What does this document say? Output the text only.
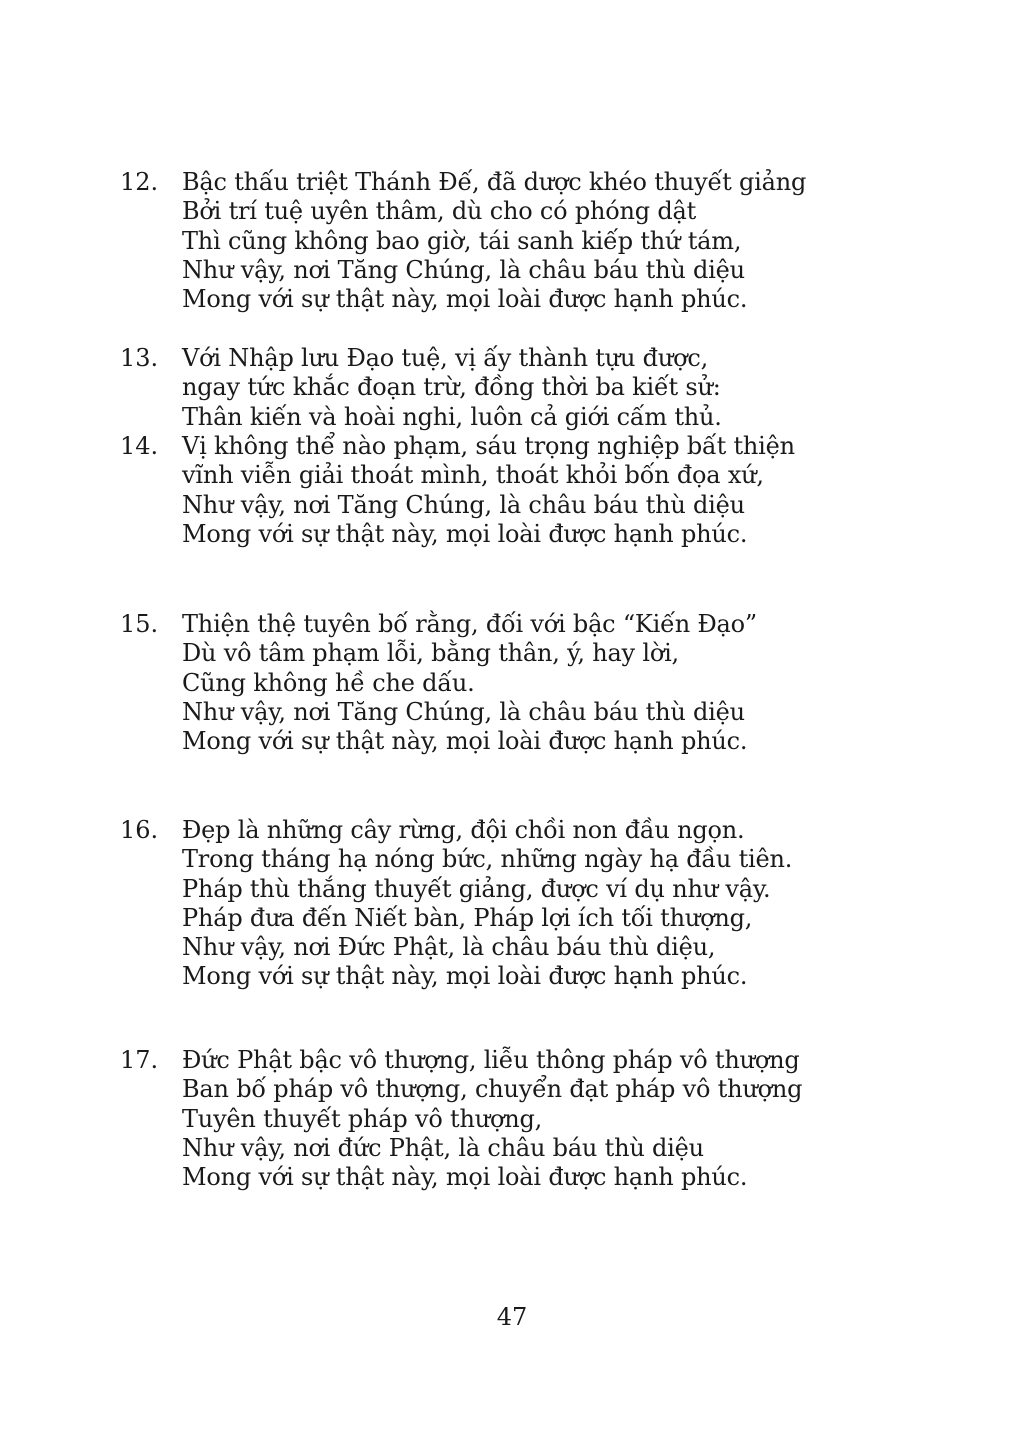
12. Bậc thấu triệt Thánh Đế, đã dược khéo thuyết giảng
Bởi trí tuệ uyên thâm, dù cho có phóng dật
Thì cũng không bao giờ, tái sanh kiếp thứ tám,
Như vậy, nơi Tăng Chúng, là châu báu thù diệu
Mong với sự thật này, mọi loài được hạnh phúc.
13. Với Nhập lưu Đạo tuệ, vị ấy thành tựu được,
ngay tức khắc đoạn trừ, đồng thời ba kiết sử:
Thân kiến và hoài nghi, luôn cả giới cấm thủ.
14. Vị không thể nào phạm, sáu trọng nghiệp bất thiện
vĩnh viễn giải thoát mình, thoát khỏi bốn đọa xứ,
Như vậy, nơi Tăng Chúng, là châu báu thù diệu
Mong với sự thật này, mọi loài được hạnh phúc.
15. Thiện thệ tuyên bố rằng, đối với bậc “Kiến Đạo”
Dù vô tâm phạm lỗi, bằng thân, ý, hay lời,
Cũng không hề che dấu.
Như vậy, nơi Tăng Chúng, là châu báu thù diệu
Mong với sự thật này, mọi loài được hạnh phúc.
16. Đẹp là những cây rừng, đội chồi non đầu ngọn.
Trong tháng hạ nóng bức, những ngày hạ đầu tiên.
Pháp thù thắng thuyết giảng, được ví dụ như vậy.
Pháp đưa đến Niết bàn, Pháp lợi ích tối thượng,
Như vậy, nơi Đức Phật, là châu báu thù diệu,
Mong với sự thật này, mọi loài được hạnh phúc.
17. Đức Phật bậc vô thượng, liễu thông pháp vô thượng
Ban bố pháp vô thượng, chuyển đạt pháp vô thượng
Tuyên thuyết pháp vô thượng,
Như vậy, nơi đức Phật, là châu báu thù diệu
Mong với sự thật này, mọi loài được hạnh phúc.
47
